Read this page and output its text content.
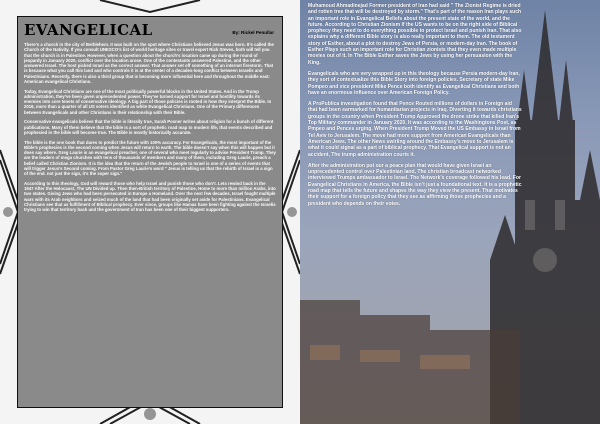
EVANGELICAL	By: Rickel Penullar

There’s a church in the city of Bethlehem. It was built on the spot where Christians believed Jesus was born. It’s called the Church of the Nativity. If you consult UNESCO’s list of world heritage sites or travel expert Rick Steves, both will tell you that the church is in Palestine. However, when a question about the church’s location came up during the round of jeopardy in January 2020, conflict over the location arose. One of the contestants answered Palestine, and the other answered Israel. The host picked Israel as the correct answer. That answer set off something of an internet firestorm. That is because what you call this land and who controls it is at the center of a decades-long conflict between Israelis and Palestinians. Recently, there is also a third group that is becoming more influential here and throughout the middle east: American evangelical Christians.

Today, Evangelical Christians are one of the most politically powerful blocks in the United States. And in the Trump administration, they’ve been given unprecedented power. They’ve turned support for Israel and hostility towards its enemies into core tenets of conservative ideology. A big part of those policies is rooted in how they interpret the Bible. In 2016, more than a quarter of all US voters identified as white Evangelical Christians. One of the Primary differences between Evangelicals and other Christians is their relationship with their Bible.

Conservative evangelicals believe that the bible is literally true, Sarah Posner writes about religion for a bunch of different publications. Many of them believe that the bible is a sort of prophetic road map to modern life, that events described and prophesied in the bible will become true. The Bible is mostly historically accurate.

The bible is the one book that dares to predict the future with 100% accuracy. For Evangelicals, the most important of the Bible’s prophecies is the second coming when Jesus will return to earth. The bible doesn’t say when this will happen but it does say where. Greg Laurie is an evangelical preacher, one of several who meet regularly to advise President Trump. They are the leaders of mega churches with tens of thousands of members and many of them, including Greg Laurie, preach a belief called Christian Zionism. It is the idea that the return of the Jewish people to Israel is one of a series of events that will trigger Jesus’s Second coming. From Pastor Greg Laurie’s word " Jesus is telling us that the rebirth of Israel is a sign of the end. not just the sign, it’s the super sign."

According to this theology, God will reward those who help Israel and punish those who don’t. Lets rewind back in the 1947 After the Holocaust, The UN Divided up. Then then-British territory of Palestine, Home to more than million Arabs, into two states. Giving Jews who had been persecuted in Europe a Homeland. Over the next few decades, Israel fought multiple wars with its Arab neighbors and seized much of the land that had been originally set aside for Palestinians. Evangelical Christians see that as fulfillment of Biblical prophecy. Ever since, groups like Hamas have been fighting against the Israelis trying to win that territory back and the government of Iran has been one of their biggest supporters.

Muhamoud Ahmadinejad Former president of Iran had said " The Zionist Regime is dried and rotten tree that will be destroyed by storm." That’s part of the reason Iran plays such an important role in Evangelical Beliefs about the present state of the world, and the future. According to Christian Zionism If the US wants to be on the right side of Biblical prophecy they need to do everything possible to protect Israel and punish Iran. That also explains why a different Bible story is also really important to them. The old testament story of Esther, about a plot to destroy Jews of Persia, or modern-day Iran. The book of Esther Plays such an important role for Christian zionists that they even made multiple movies out of it. In The Bible Esther saves the Jews by using her persuasion with the King.

Evangelicals who are very wrapped up in this theology because Persia modern-day Iran, they sort of contextualize this Bible Story into foreign policies. Secretary of state Mike Pompeo and vice president Mike Pence both identify as Evangelical Christians and both have an enormous influence over American Foreign Policy.

A ProPublica investigation found that Pence Routed millions of dollars in Foreign aid that had been earmarked for humanitarian projects in Iraq. Diverting it towards christians groups in the country when President Trump Approved the drone strike that killed Iran’s Top Military commander in January 2020. It was according to the Washingtons Post, as Pmpeo and Pences urging. When President Trump Moved the US Embassy in Israel from Tel Aviv to Jerusalem. The move had more support from American Evangelicals than American Jews. The other News swirling around the Embassy’s move to Jerusalem is what it could signal as a part of biblical prophecy. That Evangelical support is not an accident, The trump administration courts it.

After the administration put our a peace plan that would have given Israel an unprecedented control over Palestinian land, The christian broadcast networked interviewed Trumps ambassador to Israel. The Network’s coverage followed his lead. For Evangelical Christians in America, the Bible isn’t just a foundational text. It is a prophetic road map that tells the future and shapes the way they view the present. That motivates their support for a foreign policy that they see as affirming those prophecies and a president who depends on their votes.
